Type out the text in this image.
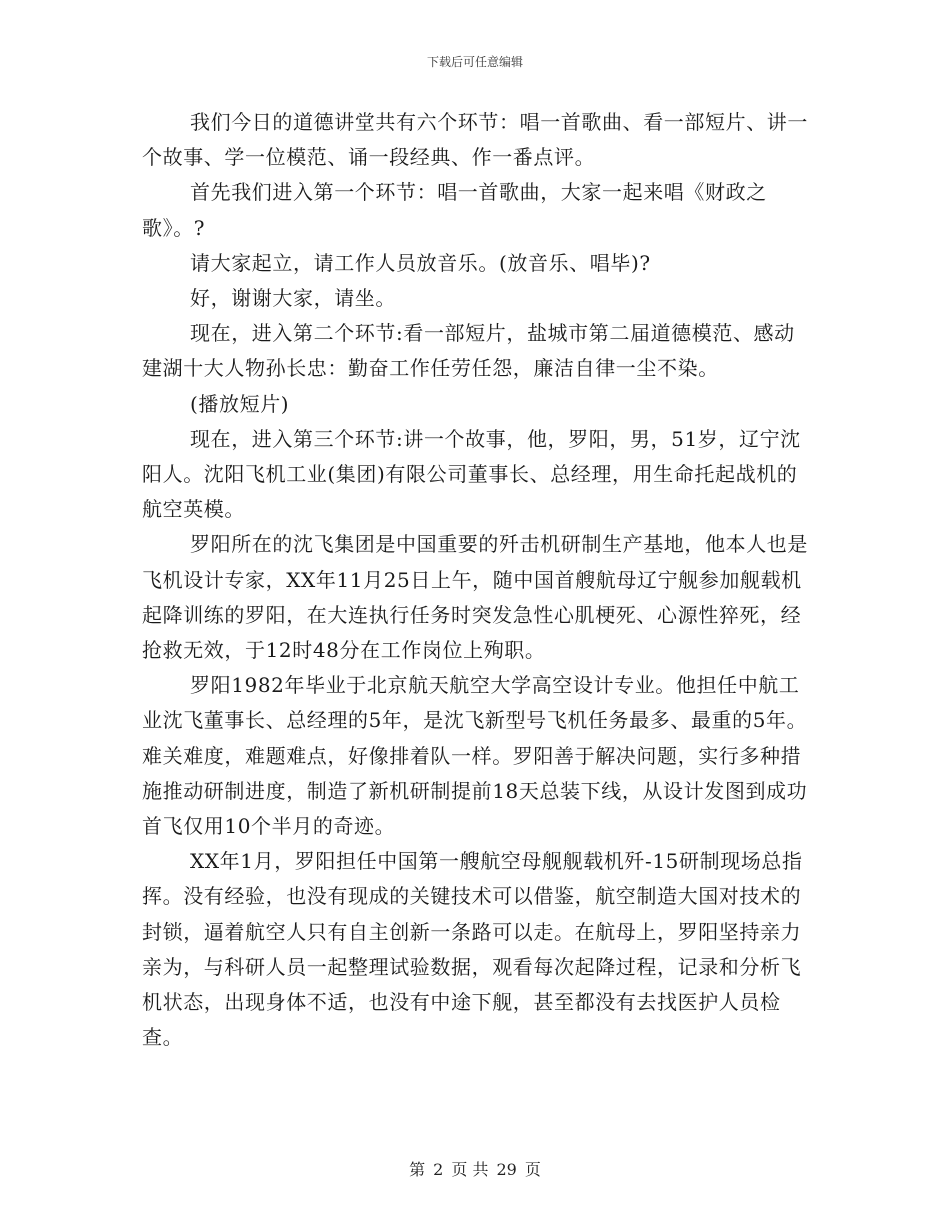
下载后可任意编辑

我们今日的道德讲堂共有六个环节：唱一首歌曲、看一部短片、讲一个故事、学一位模范、诵一段经典、作一番点评。

首先我们进入第一个环节：唱一首歌曲，大家一起来唱《财政之歌》。?

请大家起立，请工作人员放音乐。(放音乐、唱毕)?

好，谢谢大家，请坐。

现在，进入第二个环节:看一部短片，盐城市第二届道德模范、感动建湖十大人物孙长忠：勤奋工作任劳任怨，廉洁自律一尘不染。

(播放短片)

现在，进入第三个环节:讲一个故事，他，罗阳，男，51岁，辽宁沈阳人。沈阳飞机工业(集团)有限公司董事长、总经理，用生命托起战机的航空英模。

罗阳所在的沈飞集团是中国重要的歼击机研制生产基地，他本人也是飞机设计专家，XX年11月25日上午，随中国首艘航母辽宁舰参加舰载机起降训练的罗阳，在大连执行任务时突发急性心肌梗死、心源性猝死，经抢救无效，于12时48分在工作岗位上殉职。

罗阳1982年毕业于北京航天航空大学高空设计专业。他担任中航工业沈飞董事长、总经理的5年，是沈飞新型号飞机任务最多、最重的5年。难关难度，难题难点，好像排着队一样。罗阳善于解决问题，实行多种措施推动研制进度，制造了新机研制提前18天总装下线，从设计发图到成功首飞仅用10个半月的奇迹。

XX年1月，罗阳担任中国第一艘航空母舰舰载机歼-15研制现场总指挥。没有经验，也没有现成的关键技术可以借鉴，航空制造大国对技术的封锁，逼着航空人只有自主创新一条路可以走。在航母上，罗阳坚持亲力亲为，与科研人员一起整理试验数据，观看每次起降过程，记录和分析飞机状态，出现身体不适，也没有中途下舰，甚至都没有去找医护人员检查。

第 2 页 共 29 页
